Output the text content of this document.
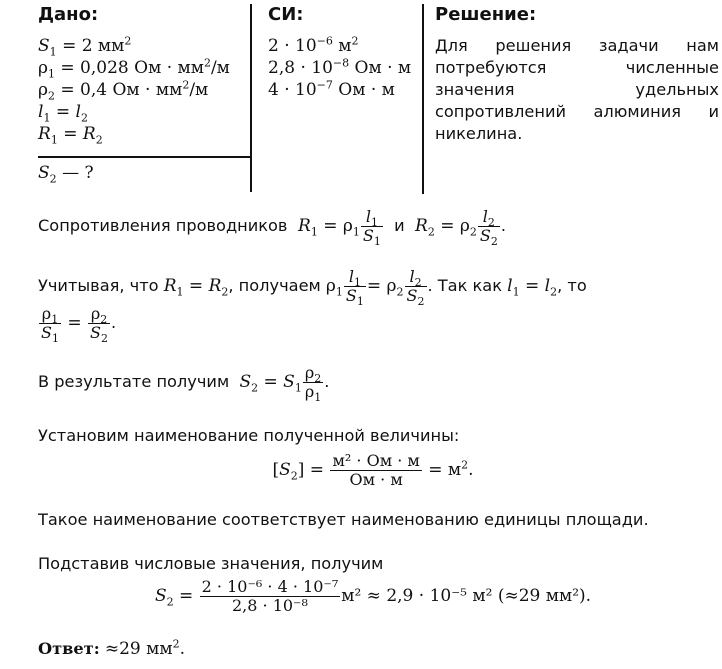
Дано:
$S_1 = 2$ $мм^2$
$\rho_1 = 0,028$ Ом · $мм^2/м$
$\rho_2 = 0,4$ Ом · $мм^2/м$
$l_1 = l_2$
$R_1 = R_2$
$S_2$ — ?
СИ:
$2 \cdot 10^{-6}$ $м^2$
$2,8 \cdot 10^{-8}$ Ом · м
$4 \cdot 10^{-7}$ Ом · м
Решение:
Для решения задачи нам потребуются численные значения удельных сопротивлений алюминия и никелина.
Сопротивления проводников $R_1 = \rho_1 \frac{l_1}{S_1}$ и $R_2 = \rho_2 \frac{l_2}{S_2}$ .
Учитывая, что $R_1 = R_2$, получаем $\rho_1 \frac{l_1}{S_1} = \rho_2 \frac{l_2}{S_2}$ . Так как $l_1 = l_2$, то

$\frac{\rho_1}{S_1} = \frac{\rho_2}{S_2}$ .
В результате получим $S_2 = S_1 \frac{\rho_2}{\rho_1}$ .
Установим наименование полученной величины:
$[S_2] = м^2$ · Ом · м
Ом · м	= $м^2$.
Такое наименование соответствует наименованию единицы площади.
Подставив числовые значения, получим
$S_2 = \frac{\text{2 · 10⁻⁶ · 4 · 10⁻⁷}}{\text{2,8 · 10⁻⁸}} м^2 \approx 2,9 \cdot 10^{-5}$ м² (≈29 мм²).
Ответ: ≈29 $мм^2$.
